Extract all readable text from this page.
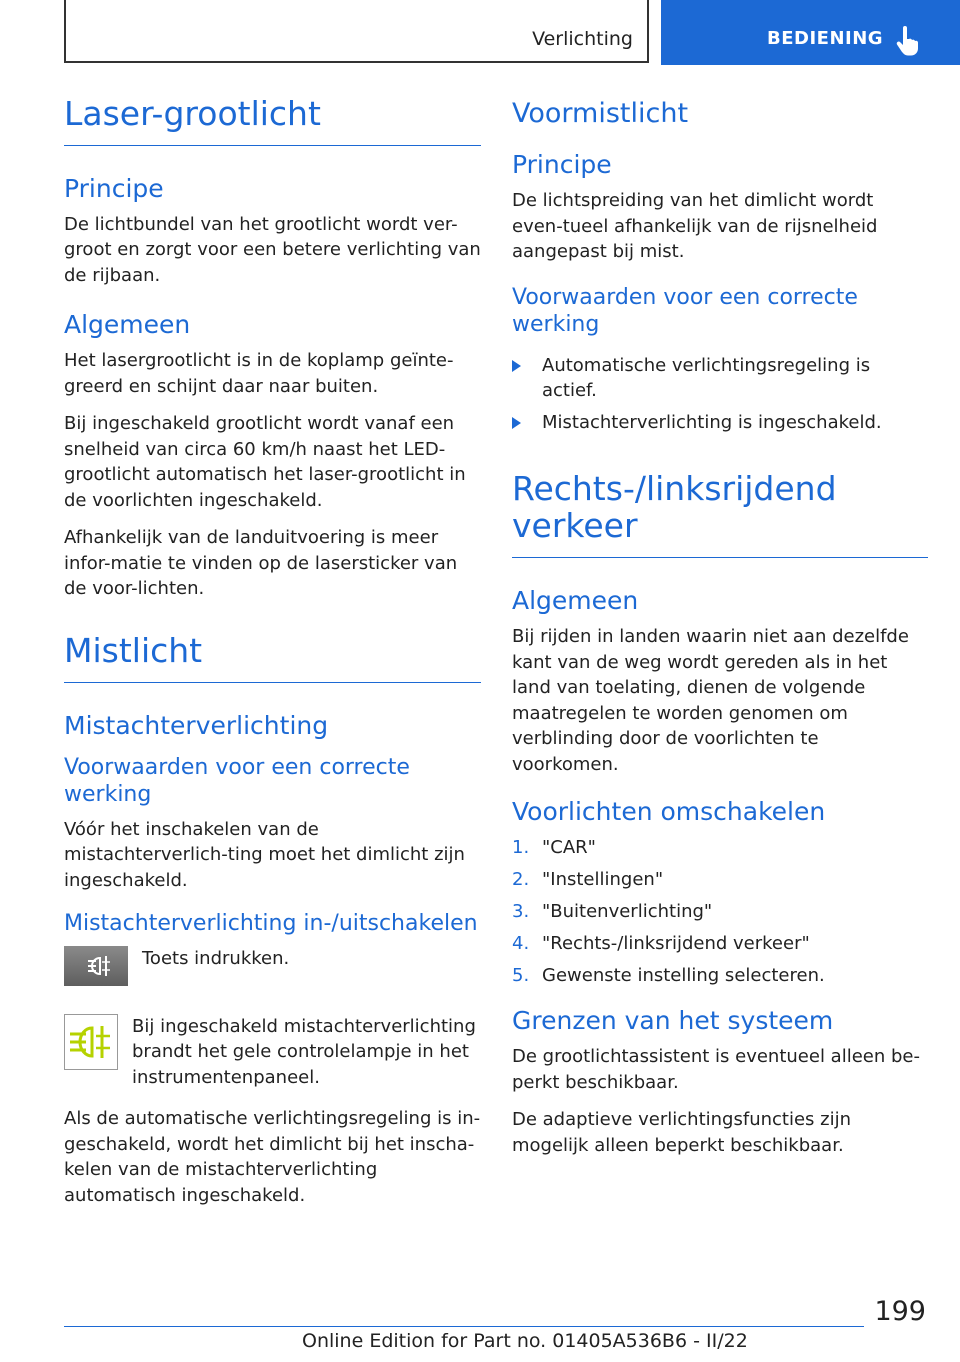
Verlichting	BEDIENING
Laser-grootlicht
Principe

De lichtbundel van het grootlicht wordt ver-groot en zorgt voor een betere verlichting van de rijbaan.

Algemeen

Het lasergrootlicht is in de koplamp geïnte-greerd en schijnt daar naar buiten.

Bij ingeschakeld grootlicht wordt vanaf een snelheid van circa 60 km/h naast het LED-grootlicht automatisch het laser-grootlicht in de voorlichten ingeschakeld.

Afhankelijk van de landuitvoering is meer infor-matie te vinden op de lasersticker van de voor-lichten.

Mistlicht
Mistachterverlichting
Voorwaarden voor een correcte werking

Vóór het inschakelen van de mistachterverlich-ting moet het dimlicht zijn ingeschakeld.

Mistachterverlichting in-/uitschakelen

Toets indrukken.

Bij ingeschakeld mistachterverlichting brandt het gele controlelampje in het instrumentenpaneel.

Als de automatische verlichtingsregeling is in-geschakeld, wordt het dimlicht bij het inscha-kelen van de mistachterverlichting automatisch ingeschakeld.

Voormistlicht
Principe

De lichtspreiding van het dimlicht wordt even-tueel afhankelijk van de rijsnelheid aangepast bij mist.

Voorwaarden voor een correcte werking
Automatische verlichtingsregeling is actief.
Mistachterverlichting is ingeschakeld.
Rechts-/linksrijdend verkeer
Algemeen

Bij rijden in landen waarin niet aan dezelfde kant van de weg wordt gereden als in het land van toelating, dienen de volgende maatregelen te worden genomen om verblinding door de voorlichten te voorkomen.

Voorlichten omschakelen
1. "CAR"
2. "Instellingen"
3. "Buitenverlichting"
4. "Rechts-/linksrijdend verkeer"
5. Gewenste instelling selecteren.
Grenzen van het systeem

De grootlichtassistent is eventueel alleen be-perkt beschikbaar.

De adaptieve verlichtingsfuncties zijn mogelijk alleen beperkt beschikbaar.

199
Online Edition for Part no. 01405A536B6 - II/22
